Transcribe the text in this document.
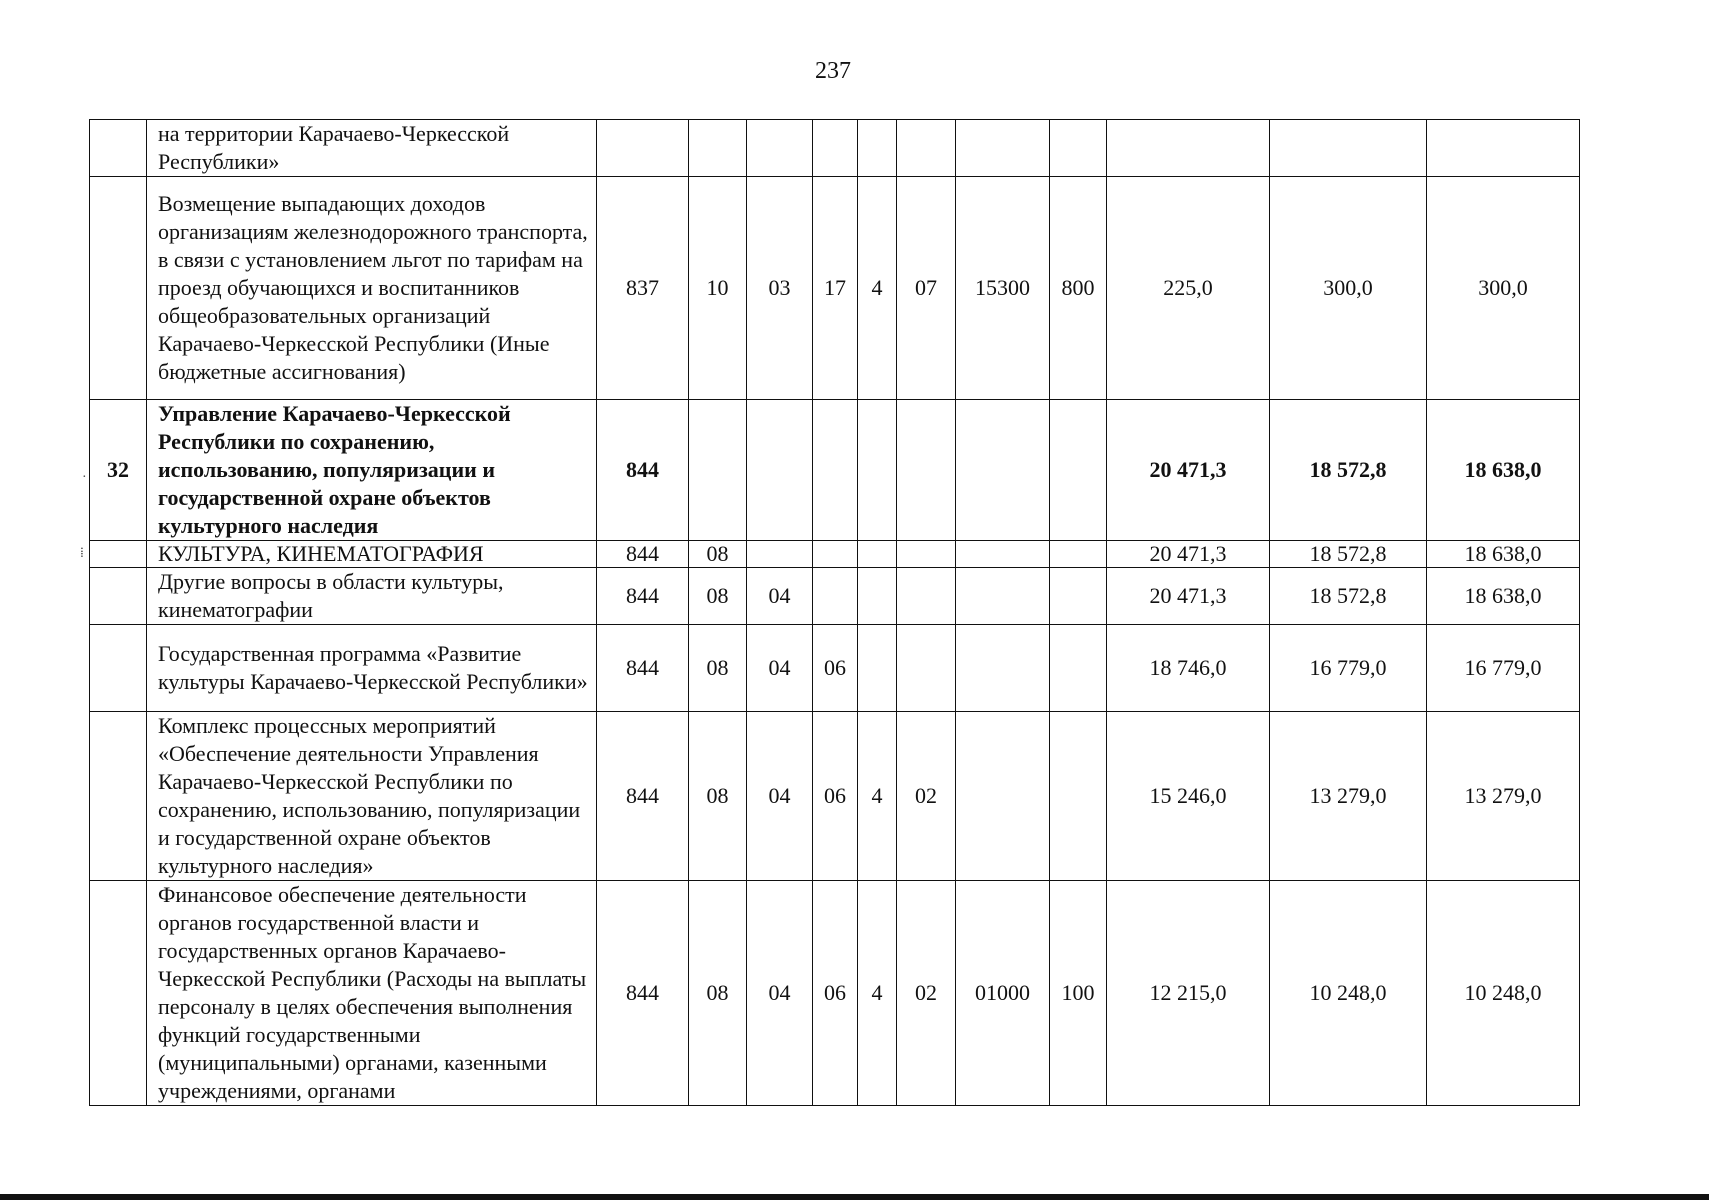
237
	на территории Карачаево-Черкесской Республики»											
	Возмещение выпадающих доходов организациям железнодорожного транспорта, в связи с установлением льгот по тарифам на проезд обучающихся и воспитанников общеобразовательных организаций Карачаево-Черкесской Республики (Иные бюджетные ассигнования)	837	10	03	17	4	07	15300	800	225,0	300,0	300,0
32	Управление Карачаево-Черкесской Республики по сохранению, использованию, популяризации и государственной охране объектов культурного наследия	844								20 471,3	18 572,8	18 638,0
	КУЛЬТУРА, КИНЕМАТОГРАФИЯ	844	08							20 471,3	18 572,8	18 638,0
	Другие вопросы в области культуры, кинематографии	844	08	04						20 471,3	18 572,8	18 638,0
	Государственная программа «Развитие культуры Карачаево-Черкесской Республики»	844	08	04	06					18 746,0	16 779,0	16 779,0
	Комплекс процессных мероприятий «Обеспечение деятельности Управления Карачаево-Черкесской Республики по сохранению, использованию, популяризации и государственной охране объектов культурного наследия»	844	08	04	06	4	02			15 246,0	13 279,0	13 279,0
	Финансовое обеспечение деятельности органов государственной власти и государственных органов Карачаево-Черкесской Республики (Расходы на выплаты персоналу в целях обеспечения выполнения функций государственными (муниципальными) органами, казенными учреждениями, органами	844	08	04	06	4	02	01000	100	12 215,0	10 248,0	10 248,0
⁞
·
